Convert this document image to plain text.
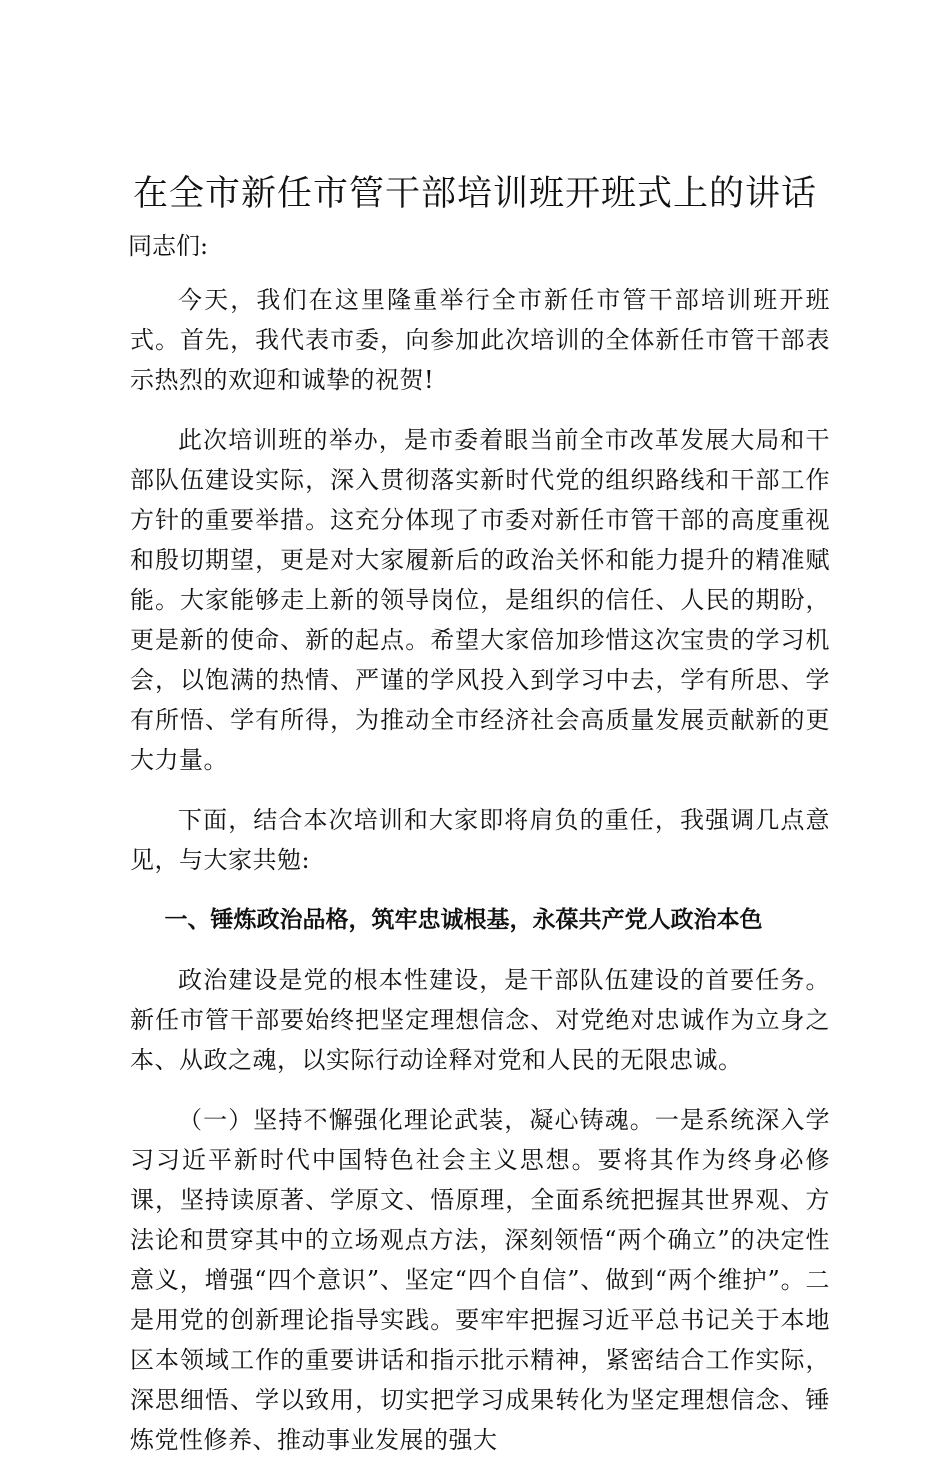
在全市新任市管干部培训班开班式上的讲话
同志们:

今天，我们在这里隆重举行全市新任市管干部培训班开班式。首先，我代表市委，向参加此次培训的全体新任市管干部表示热烈的欢迎和诚挚的祝贺!

此次培训班的举办，是市委着眼当前全市改革发展大局和干部队伍建设实际，深入贯彻落实新时代党的组织路线和干部工作方针的重要举措。这充分体现了市委对新任市管干部的高度重视和殷切期望，更是对大家履新后的政治关怀和能力提升的精准赋能。大家能够走上新的领导岗位，是组织的信任、人民的期盼，更是新的使命、新的起点。希望大家倍加珍惜这次宝贵的学习机会，以饱满的热情、严谨的学风投入到学习中去，学有所思、学有所悟、学有所得，为推动全市经济社会高质量发展贡献新的更大力量。

下面，结合本次培训和大家即将肩负的重任，我强调几点意见，与大家共勉:

一、锤炼政治品格，筑牢忠诚根基，永葆共产党人政治本色

政治建设是党的根本性建设，是干部队伍建设的首要任务。新任市管干部要始终把坚定理想信念、对党绝对忠诚作为立身之本、从政之魂，以实际行动诠释对党和人民的无限忠诚。

（一）坚持不懈强化理论武装，凝心铸魂。一是系统深入学习习近平新时代中国特色社会主义思想。要将其作为终身必修课，坚持读原著、学原文、悟原理，全面系统把握其世界观、方法论和贯穿其中的立场观点方法，深刻领悟“两个确立”的决定性意义，增强“四个意识”、坚定“四个自信”、做到“两个维护”。二是用党的创新理论指导实践。要牢牢把握习近平总书记关于本地区本领域工作的重要讲话和指示批示精神，紧密结合工作实际，深思细悟、学以致用，切实把学习成果转化为坚定理想信念、锤炼党性修养、推动事业发展的强大
